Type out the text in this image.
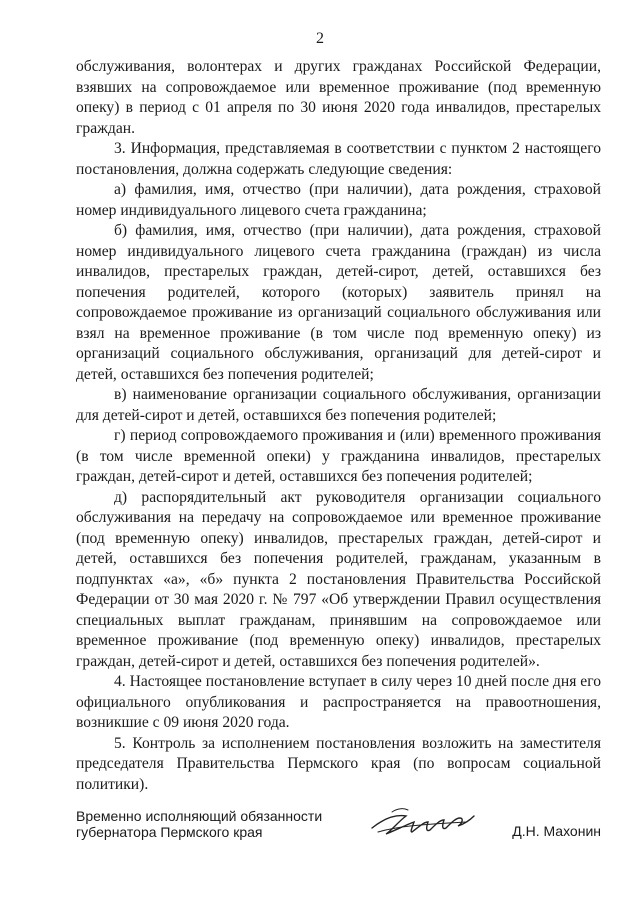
2

обслуживания, волонтерах и других гражданах Российской Федерации, взявших на сопровождаемое или временное проживание (под временную опеку) в период с 01 апреля по 30 июня 2020 года инвалидов, престарелых граждан.

3. Информация, представляемая в соответствии с пунктом 2 настоящего постановления, должна содержать следующие сведения:

а) фамилия, имя, отчество (при наличии), дата рождения, страховой номер индивидуального лицевого счета гражданина;

б) фамилия, имя, отчество (при наличии), дата рождения, страховой номер индивидуального лицевого счета гражданина (граждан) из числа инвалидов, престарелых граждан, детей-сирот, детей, оставшихся без попечения родителей, которого (которых) заявитель принял на сопровождаемое проживание из организаций социального обслуживания или взял на временное проживание (в том числе под временную опеку) из организаций социального обслуживания, организаций для детей-сирот и детей, оставшихся без попечения родителей;

в) наименование организации социального обслуживания, организации для детей-сирот и детей, оставшихся без попечения родителей;

г) период сопровождаемого проживания и (или) временного проживания (в том числе временной опеки) у гражданина инвалидов, престарелых граждан, детей-сирот и детей, оставшихся без попечения родителей;

д) распорядительный акт руководителя организации социального обслуживания на передачу на сопровождаемое или временное проживание (под временную опеку) инвалидов, престарелых граждан, детей-сирот и детей, оставшихся без попечения родителей, гражданам, указанным в подпунктах «а», «б» пункта 2 постановления Правительства Российской Федерации от 30 мая 2020 г. № 797 «Об утверждении Правил осуществления специальных выплат гражданам, принявшим на сопровождаемое или временное проживание (под временную опеку) инвалидов, престарелых граждан, детей-сирот и детей, оставшихся без попечения родителей».

4. Настоящее постановление вступает в силу через 10 дней после дня его официального опубликования и распространяется на правоотношения, возникшие с 09 июня 2020 года.

5. Контроль за исполнением постановления возложить на заместителя председателя Правительства Пермского края (по вопросам социальной политики).

Временно исполняющий обязанности
губернатора Пермского края	Д.Н. Махонин
